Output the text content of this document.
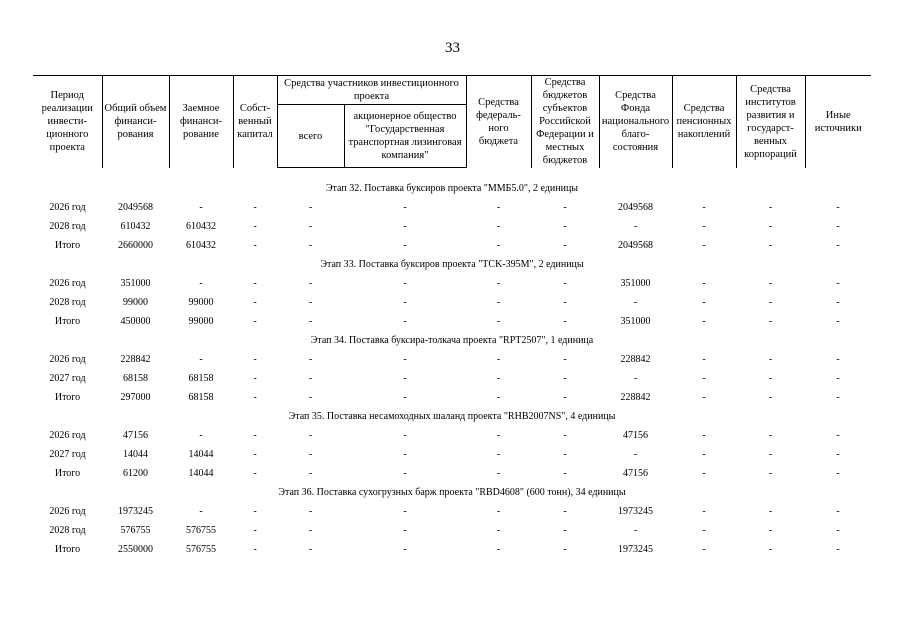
33
Период реализации инвести-ционного проекта	Общий объем финанси-рования	Заемное финанси-рование	Собст-венный капитал	Средства участников инвестиционного проекта		Средства федераль-ного бюджета	Средства бюджетов субъектов Российской Федерации и местных бюджетов	Средства Фонда национального благо-состояния	Средства пенсионных накоплений	Средства институтов развития и государст-венных корпораций	Иные источники
				всего	акционерное общество "Государственная транспортная лизинговая компания"						

Этап 32. Поставка буксиров проекта "ММБ5.0", 2 единицы											
2026 год	2049568	-	-	-	-	-	-	2049568	-	-	-
2028 год	610432	610432	-	-	-	-	-	-	-	-	-
Итого	2660000	610432	-	-	-	-	-	2049568	-	-	-
Этап 33. Поставка буксиров проекта "TCK-395M", 2 единицы											
2026 год	351000	-	-	-	-	-	-	351000	-	-	-
2028 год	99000	99000	-	-	-	-	-	-	-	-	-
Итого	450000	99000	-	-	-	-	-	351000	-	-	-
Этап 34. Поставка буксира-толкача проекта "RPT2507", 1 единица											
2026 год	228842	-	-	-	-	-	-	228842	-	-	-
2027 год	68158	68158	-	-	-	-	-	-	-	-	-
Итого	297000	68158	-	-	-	-	-	228842	-	-	-
Этап 35. Поставка несамоходных шаланд проекта "RHB2007NS", 4 единицы											
2026 год	47156	-	-	-	-	-	-	47156	-	-	-
2027 год	14044	14044	-	-	-	-	-	-	-	-	-
Итого	61200	14044	-	-	-	-	-	47156	-	-	-
Этап 36. Поставка сухогрузных барж проекта "RBD4608" (600 тонн), 34 единицы											
2026 год	1973245	-	-	-	-	-	-	1973245	-	-	-
2028 год	576755	576755	-	-	-	-	-	-	-	-	-
Итого	2550000	576755	-	-	-	-	-	1973245	-	-	-
